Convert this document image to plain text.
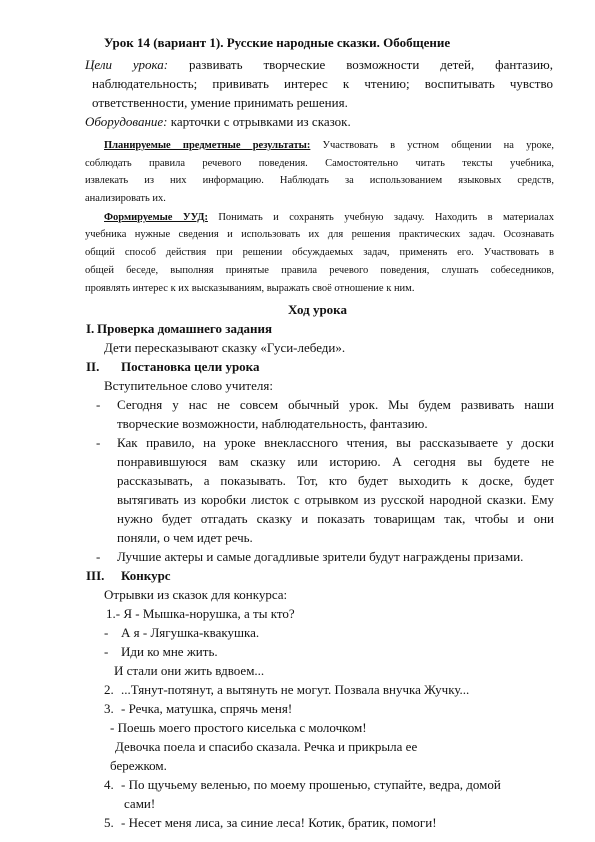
Урок 14 (вариант 1). Русские народные сказки. Обобщение
Цели урока: развивать творческие возможности детей, фантазию,
наблюдательность; прививать интерес к чтению; воспитывать чувство
ответственности, умение принимать решения.
Оборудование: карточки с отрывками из сказок.
Планируемые предметные результаты: Участвовать в устном общении на уроке,
соблюдать правила речевого поведения. Самостоятельно читать тексты учебника,
извлекать из них информацию. Наблюдать за использованием языковых средств,
анализировать их.
Формируемые УУД: Понимать и сохранять учебную задачу. Находить в материалах
учебника нужные сведения и использовать их для решения практических задач. Осознавать
общий способ действия при решении обсуждаемых задач, применять его. Участвовать в
общей беседе, выполняя принятые правила речевого поведения, слушать собеседников,
проявлять интерес к их высказываниям, выражать своё отношение к ним.
Ход урока
I. Проверка домашнего задания
Дети пересказывают сказку «Гуси-лебеди».
II. Постановка цели урока
Вступительное слово учителя:
- Сегодня у нас не совсем обычный урок. Мы будем развивать наши
творческие возможности, наблюдательность, фантазию.
- Как правило, на уроке внеклассного чтения, вы рассказываете у доски
понравившуюся вам сказку или историю. А сегодня вы будете не
рассказывать, а показывать. Тот, кто будет выходить к доске, будет
вытягивать из коробки листок с отрывком из русской народной сказки. Ему
нужно будет отгадать сказку и показать товарищам так, чтобы и они
поняли, о чем идет речь.
- Лучшие актеры и самые догадливые зрители будут награждены призами.
III. Конкурс
Отрывки из сказок для конкурса:
1.- Я - Мышка-норушка, а ты кто?
- А я - Лягушка-квакушка.
- Иди ко мне жить.
И стали они жить вдвоем...
2. ...Тянут-потянут, а вытянуть не могут. Позвала внучка Жучку...
3. - Речка, матушка, спрячь меня!
- Поешь моего простого киселька с молочком!
Девочка поела и спасибо сказала. Речка и прикрыла ее
бережком.
4. - По щучьему веленью, по моему прошенью, ступайте, ведра, домой
сами!
5. - Несет меня лиса, за синие леса! Котик, братик, помоги!
